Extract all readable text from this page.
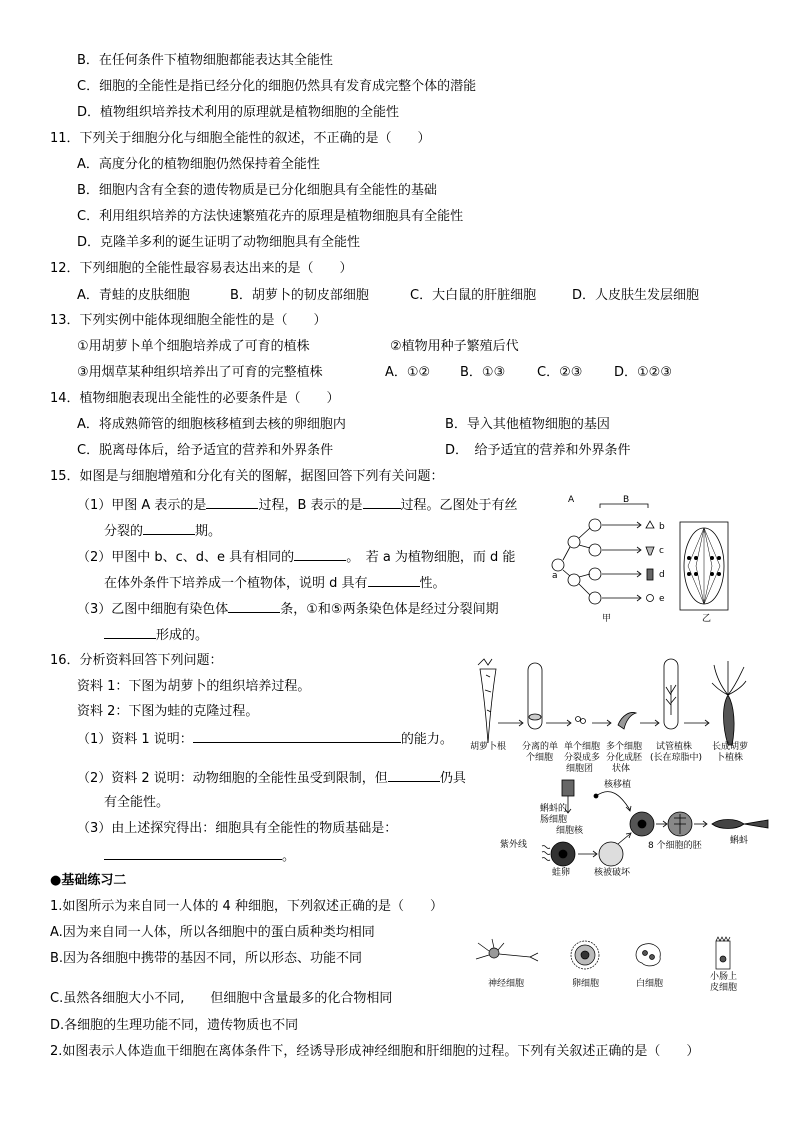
B．在任何条件下植物细胞都能表达其全能性
C．细胞的全能性是指已经分化的细胞仍然具有发育成完整个体的潜能
D．植物组织培养技术利用的原理就是植物细胞的全能性
11．下列关于细胞分化与细胞全能性的叙述，不正确的是（　　）
A．高度分化的植物细胞仍然保持着全能性
B．细胞内含有全套的遗传物质是已分化细胞具有全能性的基础
C．利用组织培养的方法快速繁殖花卉的原理是植物细胞具有全能性
D．克隆羊多利的诞生证明了动物细胞具有全能性
12．下列细胞的全能性最容易表达出来的是（　　）
A．青蛙的皮肤细胞	B．胡萝卜的韧皮部细胞	C．大白鼠的肝脏细胞	D．人皮肤生发层细胞
13．下列实例中能体现细胞全能性的是（　　）
①用胡萝卜单个细胞培养成了可育的植株	②植物用种子繁殖后代
③用烟草某种组织培养出了可育的完整植株	A．①② B．①③ C．②③ D．①②③
14．植物细胞表现出全能性的必要条件是（　　）
A．将成熟筛管的细胞核移植到去核的卵细胞内	B．导入其他植物细胞的基因
C．脱离母体后，给予适宜的营养和外界条件	D．　给予适宜的营养和外界条件
15．如图是与细胞增殖和分化有关的图解，据图回答下列有关问题：
（1）甲图 A 表示的是	过程，B 表示的是	过程。乙图处于有丝
分裂的	期。
（2）甲图中 b、c、d、e 具有相同的	。　若 a 为植物细胞，而 d 能
在体外条件下培养成一个植物体，说明 d 具有	性。
（3）乙图中细胞有染色体	条，①和⑤两条染色体是经过分裂间期
形成的。
A	B
a
b
c
d
e
甲	乙
16．分析资料回答下列问题：
资料 1：下图为胡萝卜的组织培养过程。
资料 2：下图为蛙的克隆过程。
（1）资料 1 说明：	的能力。
（2）资料 2 说明：动物细胞的全能性虽受到限制，但	仍具
有全能性。
（3）由上述探究得出：细胞具有全能性的物质基础是：
。
胡萝卜根 分离的单
个细胞
单个细胞
分裂成多
细胞团
多个细胞
分化成胚
状体
试管植株
(长在琼脂中)
长成胡萝
卜植株
蝌蚪的
肠细胞
细胞核
核移植
紫外线
蛙卵	核被破坏
8 个细胞的胚	蝌蚪
●基础练习二
1.如图所示为来自同一人体的 4 种细胞，下列叙述正确的是（　　）
A.因为来自同一人体，所以各细胞中的蛋白质种类均相同
B.因为各细胞中携带的基因不同，所以形态、功能不同
C.虽然各细胞大小不同,　　但细胞中含量最多的化合物相同
D.各细胞的生理功能不同，遗传物质也不同
2.如图表示人体造血干细胞在离体条件下，经诱导形成神经细胞和肝细胞的过程。下列有关叙述正确的是（　　）
神经细胞	卵细胞	白细胞
小肠上
皮细胞
